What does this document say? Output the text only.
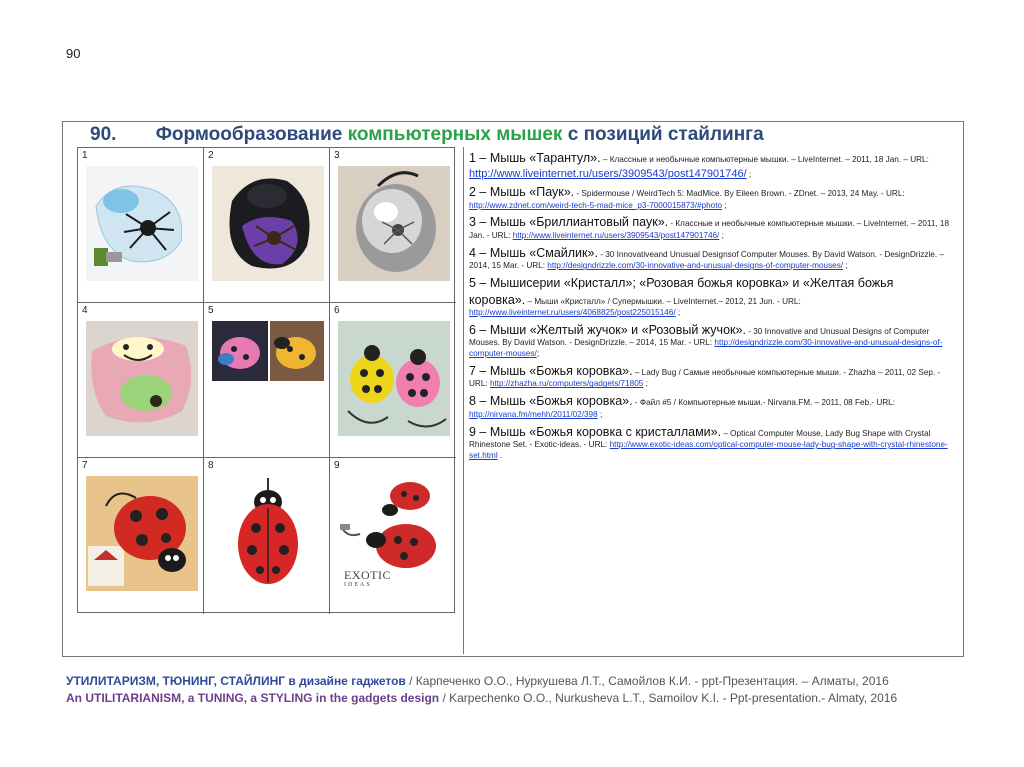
90
90. Формообразование компьютерных мышек с позиций стайлинга
1	2	3
4	5	6
7	8	9
EXOTIC
IDEAS
1 – Мышь «Тарантул». – Классные и необычные компьютерные мышки. – LiveInternet. – 2011, 18 Jan. – URL:
http://www.liveinternet.ru/users/3909543/post147901746/ ;
2 – Мышь «Паук». - Spidermouse / WeirdTech 5: MadMice. By Eileen Brown. - ZDnet. – 2013, 24 May. - URL: http://www.zdnet.com/weird-tech-5-mad-mice_p3-7000015873/#photo ;
3 – Мышь «Бриллиантовый паук». - Классные и необычные компьютерные мышки. – LiveInternet. – 2011, 18 Jan. - URL: http://www.liveinternet.ru/users/3909543/post147901746/ ;
4 – Мышь «Смайлик». - 30 Innovativeand Unusual Designsof Computer Mouses. By David Watson. - DesignDrizzle. – 2014, 15 Mar. - URL: http://designdrizzle.com/30-innovative-and-unusual-designs-of-computer-mouses/ ;
5 – Мышисерии «Кристалл»; «Розовая божья коровка» и «Желтая божья коровка». – Мыши «Кристалл» / Супермышки. – LiveInternet.– 2012, 21 Jun. - URL: http://www.liveinternet.ru/users/4068825/post225015146/ ;
6 – Мыши «Желтый жучок» и «Розовый жучок». - 30 Innovative and Unusual Designs of Computer Mouses. By David Watson. - DesignDrizzle. – 2014, 15 Mar. - URL: http://designdrizzle.com/30-innovative-and-unusual-designs-of-computer-mouses/;
7 – Мышь «Божья коровка». – Lady Bug / Самые необычные компьютерные мыши. - Zhazha – 2011, 02 Sep. - URL: http://zhazha.ru/computers/gadgets/71805 ;
8 – Мышь «Божья коровка». - Файл #5 / Компьютерные мыши.- Nirvana.FM. – 2011, 08 Feb.- URL: http://nirvana.fm/mehh/2011/02/398 ;
9 – Мышь «Божья коровка с кристаллами». – Optical Computer Mouse, Lady Bug Shape with Crystal Rhinestone Set. - Exotic-ideas. - URL: http://www.exotic-ideas.com/optical-computer-mouse-lady-bug-shape-with-crystal-rhinestone-set.html .
УТИЛИТАРИЗМ, ТЮНИНГ, СТАЙЛИНГ в дизайне гаджетов / Карпеченко О.О., Нуркушева Л.Т., Самойлов К.И. - ppt-Презентация. – Алматы, 2016
An UTILITARIANISM, a TUNING, a STYLING in the gadgets design / Karpechenko O.O., Nurkusheva L.T., Samoilov K.I. - Ppt-presentation.- Almaty, 2016
